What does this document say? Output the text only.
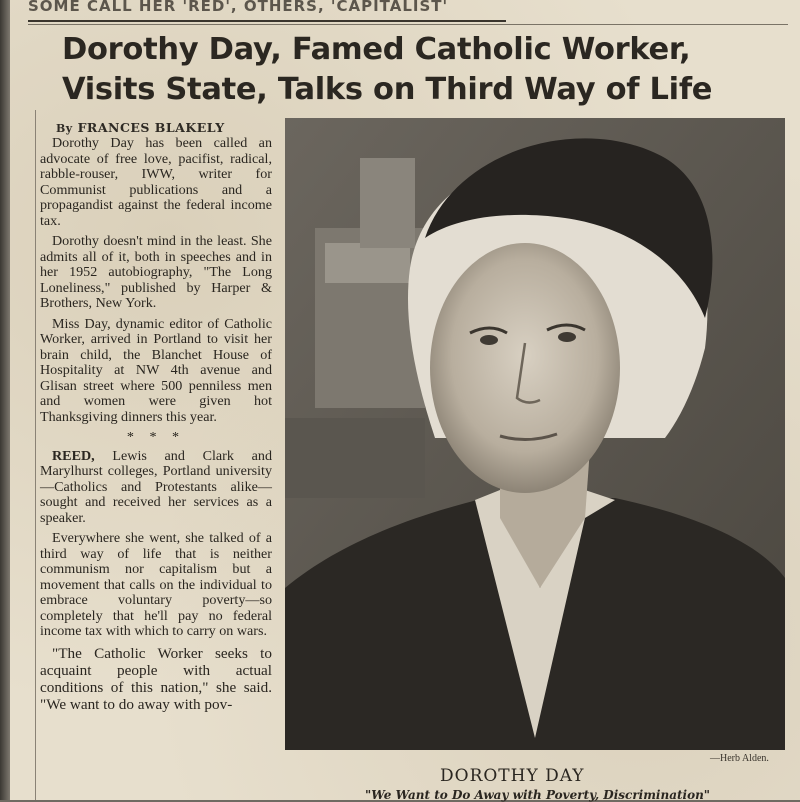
SOME CALL HER 'RED', OTHERS, 'CAPITALIST'
Dorothy Day, Famed Catholic Worker,
Visits State, Talks on Third Way of Life
By FRANCES BLAKELY

Dorothy Day has been called an advocate of free love, pacifist, radical, rabble-rouser, IWW, writer for Communist publications and a propagandist against the federal income tax.

Dorothy doesn't mind in the least. She admits all of it, both in speeches and in her 1952 autobiography, "The Long Loneliness," published by Harper & Brothers, New York.

Miss Day, dynamic editor of Catholic Worker, arrived in Portland to visit her brain child, the Blanchet House of Hospitality at NW 4th avenue and Glisan street where 500 penniless men and women were given hot Thanksgiving dinners this year.

* * *

REED, Lewis and Clark and Marylhurst colleges, Portland university—Catholics and Protestants alike—sought and received her services as a speaker.

Everywhere she went, she talked of a third way of life that is neither communism nor capitalism but a movement that calls on the individual to embrace voluntary poverty—so completely that he'll pay no federal income tax with which to carry on wars.

"The Catholic Worker seeks to acquaint people with actual conditions of this nation," she said. "We want to do away with pov-

—Herb Alden.
DOROTHY DAY
"We Want to Do Away with Poverty, Discrimination"
